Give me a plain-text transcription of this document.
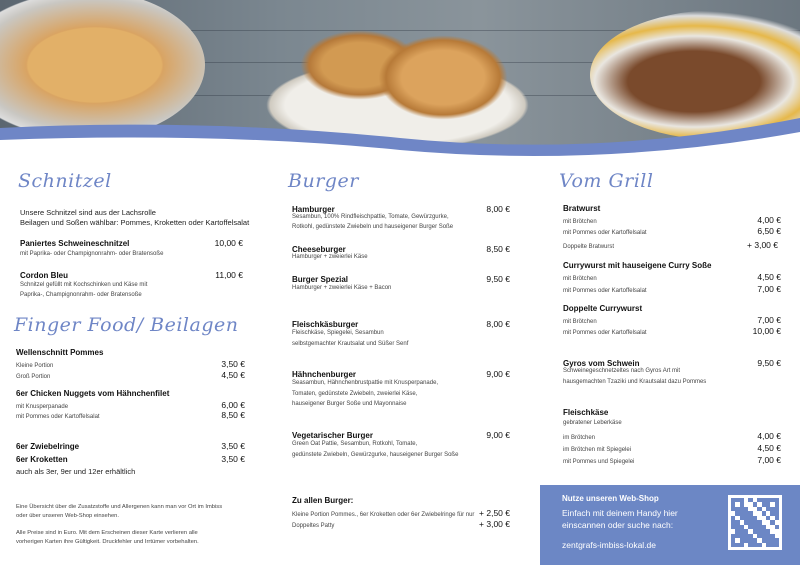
Schnitzel
Unsere Schnitzel sind aus der Lachsrolle
Beilagen und Soßen wählbar: Pommes, Kroketten oder Kartoffelsalat
Paniertes Schweineschnitzel	10,00 €
mit Paprika- oder Champignonrahm- oder Bratensoße
Cordon Bleu	11,00 €
Schnitzel gefüllt mit Kochschinken und Käse mit
Paprika-, Champignonrahm- oder Bratensoße
Finger Food/ Beilagen
Wellenschnitt Pommes
Kleine Portion	3,50 €
Groß Portion	4,50 €
6er Chicken Nuggets vom Hähnchenfilet
mit Knusperpanade	6,00 €
mit Pommes oder Kartoffelsalat	8,50 €
6er Zwiebelringe	3,50 €
6er Kroketten	3,50 €
auch als 3er, 9er und 12er erhältlich
Eine Übersicht über die Zusatzstoffe und Allergenen kann man vor Ort im Imbiss
oder über unseren Web-Shop einsehen.
Alle Preise sind in Euro. Mit dem Erscheinen dieser Karte verlieren alle
vorherigen Karten ihre Gültigkeit. Druckfehler und Irrtümer vorbehalten.
Burger
Hamburger	8,00 €
Sesambun, 100% Rindfleischpattie, Tomate, Gewürzgurke,
Rotkohl, gedünstete Zwiebeln und hauseigener Burger Soße
Cheeseburger	8,50 €
Hamburger + zweierlei Käse
Burger Spezial	9,50 €
Hamburger + zweierlei Käse + Bacon
Fleischkäsburger	8,00 €
Fleischkäse, Spiegelei, Sesambun
selbstgemachter Krautsalat und Süßer Senf
Hähnchenburger	9,00 €
Seasambun, Hähnchenbrustpattie mit Knusperpanade,
Tomaten, gedünstete Zwiebeln, zweierlei Käse,
hauseigener Burger Soße und Mayonnaise
Vegetarischer Burger	9,00 €
Green Oat Pattie, Sesambun, Rotkohl, Tomate,
gedünstete Zwiebeln, Gewürzgurke, hauseigener Burger Soße
Zu allen Burger:
Kleine Portion Pommes., 6er Kroketten oder 6er Zwiebelringe für nur + 2,50 €
Doppeltes Patty	+ 3,00 €
Vom Grill
Bratwurst
mit Brötchen	4,00 €
mit Pommes oder Kartoffelsalat	6,50 €
Doppelte Bratwurst	+ 3,00 €
Currywurst mit hauseigene Curry Soße
mit Brötchen	4,50 €
mit Pommes oder Kartoffelsalat	7,00 €
Doppelte Currywurst
mit Brötchen	7,00 €
mit Pommes oder Kartoffelsalat	10,00 €
Gyros vom Schwein	9,50 €
Schweinegeschnetzeltes nach Gyros Art mit
hausgemachten Tzaziki und Krautsalat dazu Pommes
Fleischkäse
gebratener Leberkäse
im Brötchen	4,00 €
im Brötchen mit Spiegelei	4,50 €
mit Pommes und Spiegelei	7,00 €
Nutze unseren Web-Shop
Einfach mit deinem Handy hier
einscannen oder suche nach:
zentgrafs-imbiss-lokal.de
